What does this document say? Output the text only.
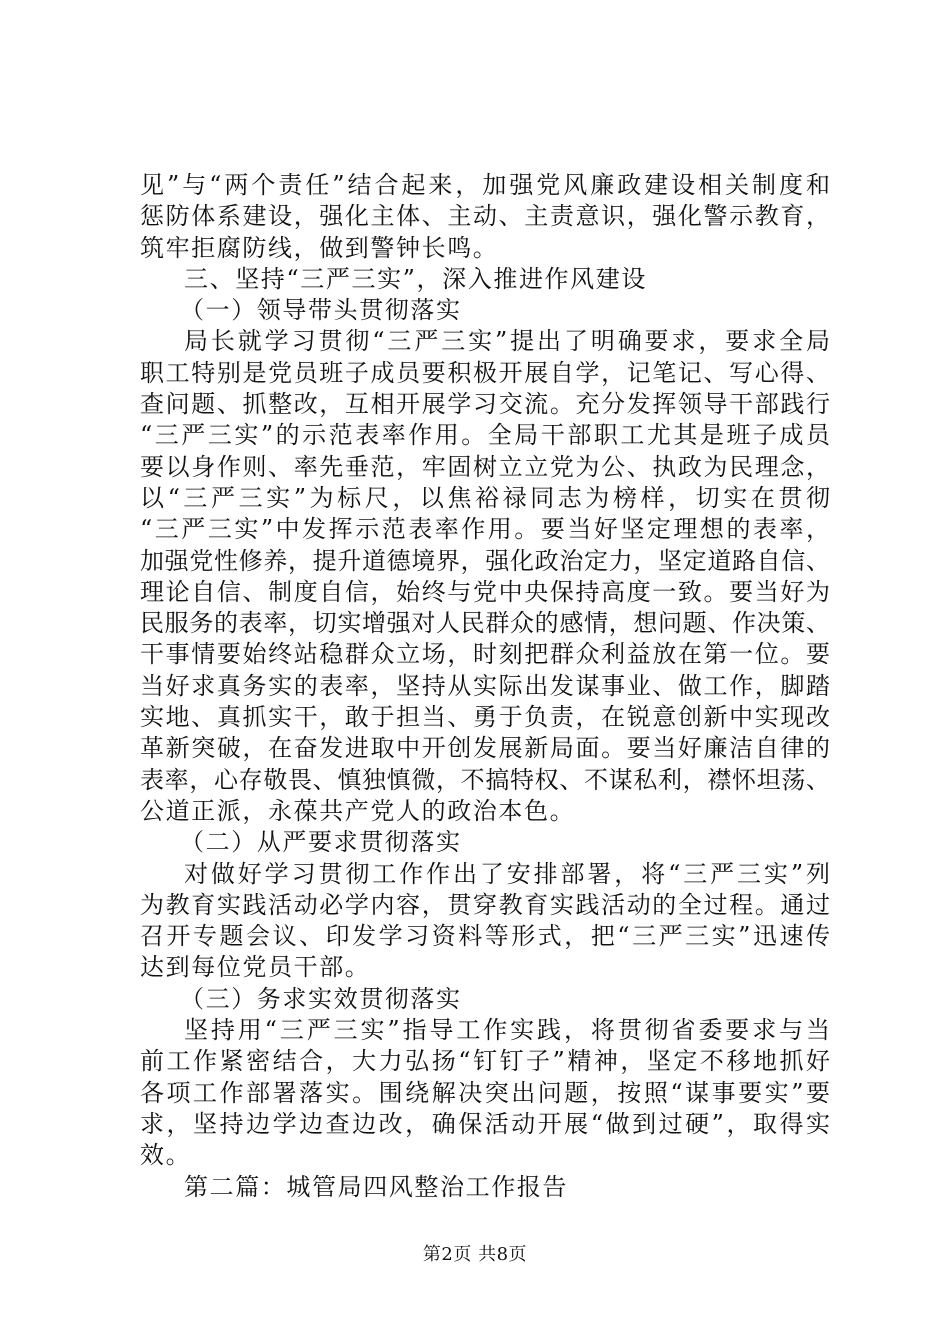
见”与“两个责任”结合起来，加强党风廉政建设相关制度和
惩防体系建设，强化主体、主动、主责意识，强化警示教育，
筑牢拒腐防线，做到警钟长鸣。
三、坚持“三严三实”，深入推进作风建设
（一）领导带头贯彻落实
局长就学习贯彻“三严三实”提出了明确要求，要求全局
职工特别是党员班子成员要积极开展自学，记笔记、写心得、
查问题、抓整改，互相开展学习交流。充分发挥领导干部践行
“三严三实”的示范表率作用。全局干部职工尤其是班子成员
要以身作则、率先垂范，牢固树立立党为公、执政为民理念，
以“三严三实”为标尺，以焦裕禄同志为榜样，切实在贯彻
“三严三实”中发挥示范表率作用。要当好坚定理想的表率，
加强党性修养，提升道德境界，强化政治定力，坚定道路自信、
理论自信、制度自信，始终与党中央保持高度一致。要当好为
民服务的表率，切实增强对人民群众的感情，想问题、作决策、
干事情要始终站稳群众立场，时刻把群众利益放在第一位。要
当好求真务实的表率，坚持从实际出发谋事业、做工作，脚踏
实地、真抓实干，敢于担当、勇于负责，在锐意创新中实现改
革新突破，在奋发进取中开创发展新局面。要当好廉洁自律的
表率，心存敬畏、慎独慎微，不搞特权、不谋私利，襟怀坦荡、
公道正派，永葆共产党人的政治本色。
（二）从严要求贯彻落实
对做好学习贯彻工作作出了安排部署，将“三严三实”列
为教育实践活动必学内容，贯穿教育实践活动的全过程。通过
召开专题会议、印发学习资料等形式，把“三严三实”迅速传
达到每位党员干部。
（三）务求实效贯彻落实
坚持用“三严三实”指导工作实践，将贯彻省委要求与当
前工作紧密结合，大力弘扬“钉钉子”精神，坚定不移地抓好
各项工作部署落实。围绕解决突出问题，按照“谋事要实”要
求，坚持边学边查边改，确保活动开展“做到过硬”，取得实
效。
第二篇：城管局四风整治工作报告
第2页 共8页
